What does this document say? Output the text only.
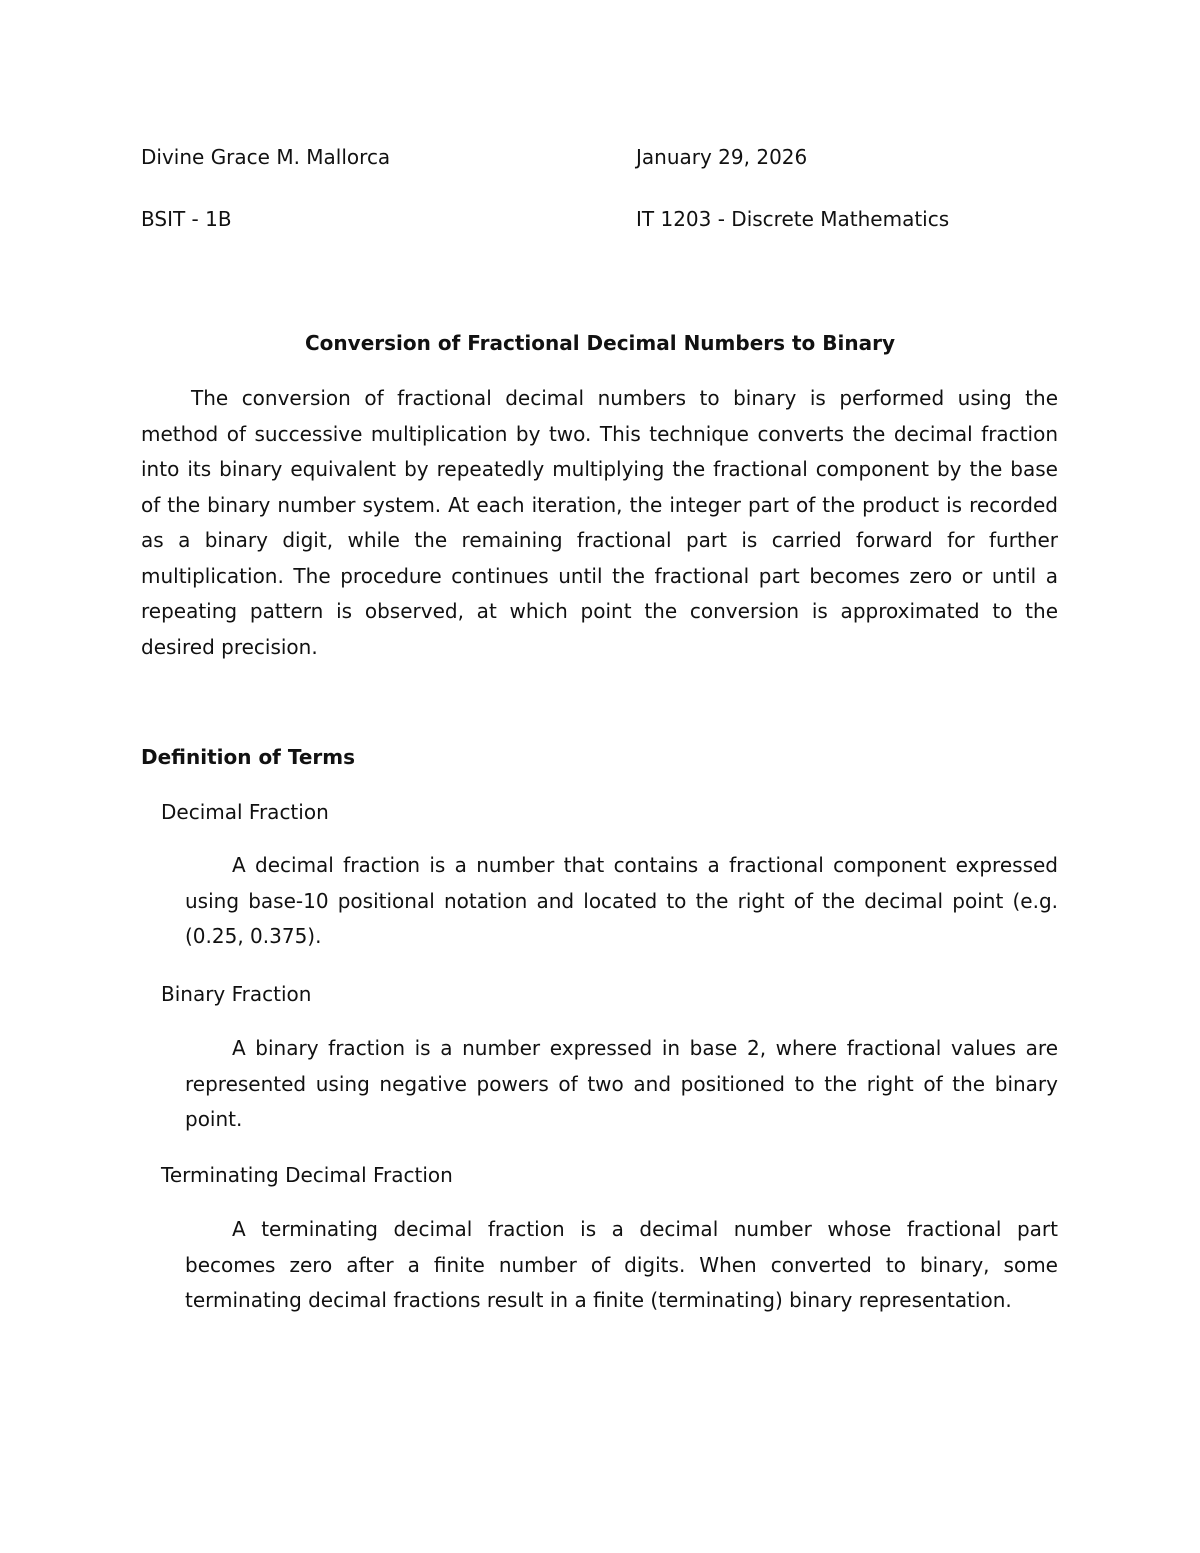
Divine Grace M. Mallorca	January 29, 2026
BSIT - 1B	IT 1203 - Discrete Mathematics
Conversion of Fractional Decimal Numbers to Binary

The conversion of fractional decimal numbers to binary is performed using the method of successive multiplication by two. This technique converts the decimal fraction into its binary equivalent by repeatedly multiplying the fractional component by the base of the binary number system. At each iteration, the integer part of the product is recorded as a binary digit, while the remaining fractional part is carried forward for further multiplication. The procedure continues until the fractional part becomes zero or until a repeating pattern is observed, at which point the conversion is approximated to the desired precision.

Definition of Terms
Decimal Fraction

A decimal fraction is a number that contains a fractional component expressed using base-10 positional notation and located to the right of the decimal point (e.g.(0.25, 0.375).

Binary Fraction

A binary fraction is a number expressed in base 2, where fractional values are represented using negative powers of two and positioned to the right of the binary point.

Terminating Decimal Fraction

A terminating decimal fraction is a decimal number whose fractional part becomes zero after a finite number of digits. When converted to binary, some terminating decimal fractions result in a finite (terminating) binary representation.
